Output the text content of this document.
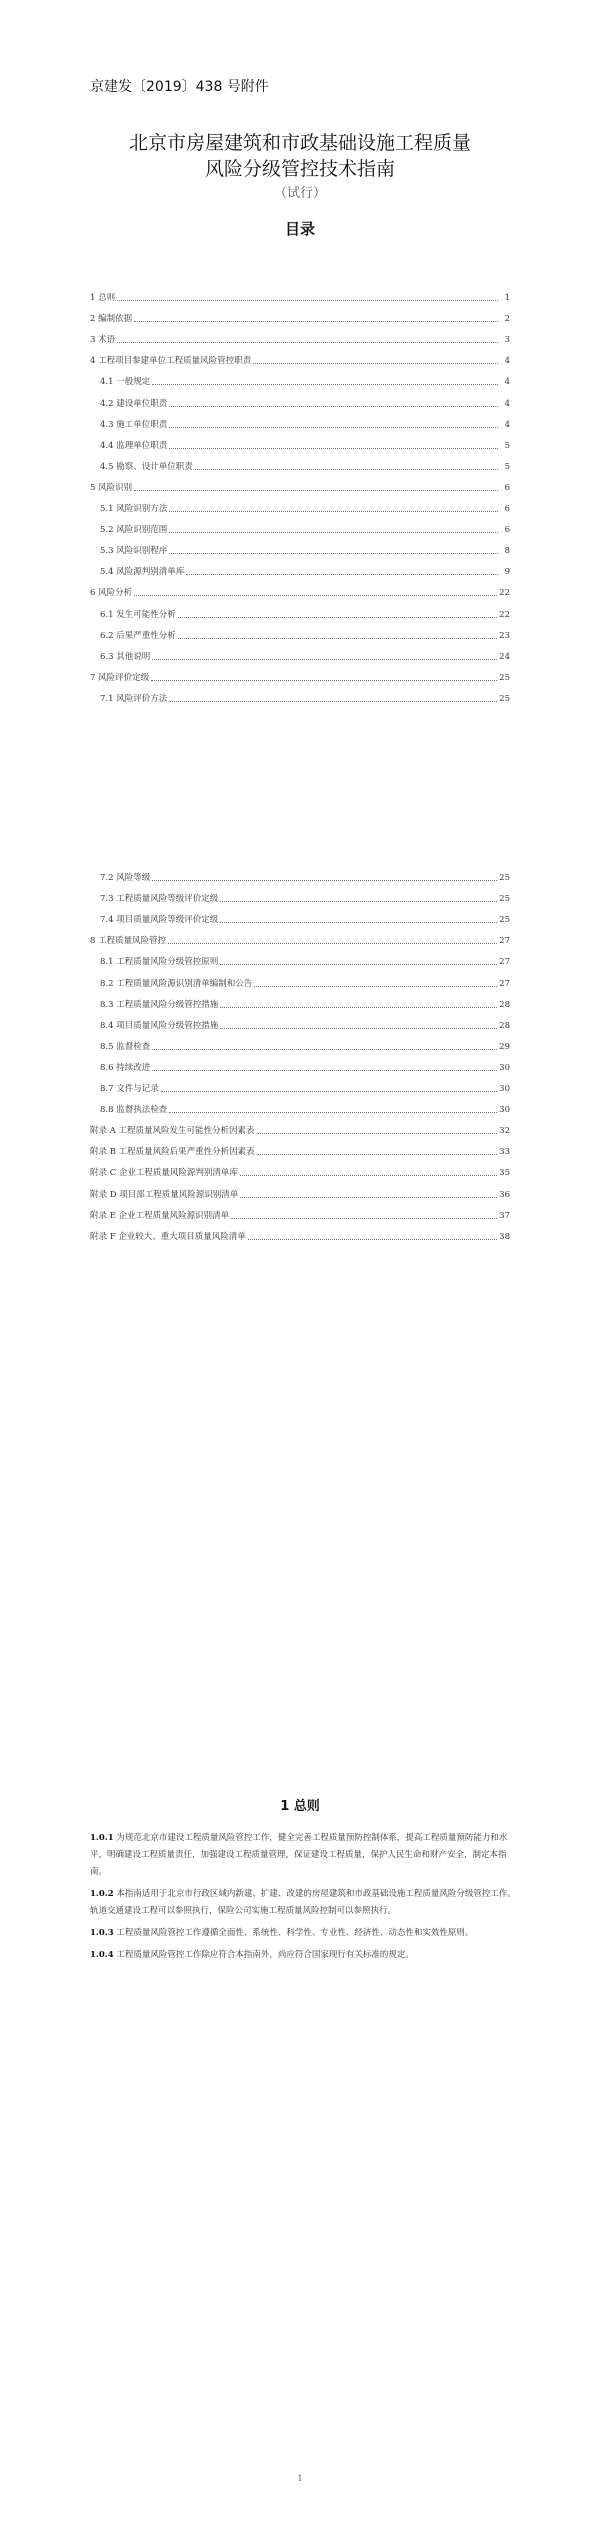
京建发〔2019〕438 号附件
北京市房屋建筑和市政基础设施工程质量
风险分级管控技术指南
（试行）
目录
1 总则	1
2 编制依据	2
3 术语	3
4 工程项目参建单位工程质量风险管控职责	4
4.1 一般规定	4
4.2 建设单位职责	4
4.3 施工单位职责	4
4.4 监理单位职责	5
4.5 勘察、设计单位职责	5
5 风险识别	6
5.1 风险识别方法	6
5.2 风险识别范围	6
5.3 风险识别程序	8
5.4 风险源判别清单库	9
6 风险分析	22
6.1 发生可能性分析	22
6.2 后果严重性分析	23
6.3 其他说明	24
7 风险评价定级	25
7.1 风险评价方法	25
7.2 风险等级	25
7.3 工程质量风险等级评价定级	25
7.4 项目质量风险等级评价定级	25
8 工程质量风险管控	27
8.1 工程质量风险分级管控原则	27
8.2 工程质量风险源识别清单编制和公告	27
8.3 工程质量风险分级管控措施	28
8.4 项目质量风险分级管控措施	28
8.5 监督检查	29
8.6 持续改进	30
8.7 文件与记录	30
8.8 监督执法检查	30
附录 A 工程质量风险发生可能性分析因素表	32
附录 B 工程质量风险后果严重性分析因素表	33
附录 C 企业工程质量风险源判别清单库	35
附录 D 项目部工程质量风险源识别清单	36
附录 E 企业工程质量风险源识别清单	37
附录 F 企业较大、重大项目质量风险清单	38
1 总则

1.0.1 为规范北京市建设工程质量风险管控工作，健全完善工程质量预防控制体系，提高工程质量预防能力和水平，明确建设工程质量责任，加强建设工程质量管理，保证建设工程质量，保护人民生命和财产安全，制定本指南。

1.0.2 本指南适用于北京市行政区域内新建、扩建、改建的房屋建筑和市政基础设施工程质量风险分级管控工作。轨道交通建设工程可以参照执行，保险公司实施工程质量风险控制可以参照执行。

1.0.3 工程质量风险管控工作遵循全面性、系统性、科学性、专业性、经济性、动态性和实效性原则。

1.0.4 工程质量风险管控工作除应符合本指南外，尚应符合国家现行有关标准的规定。

1
